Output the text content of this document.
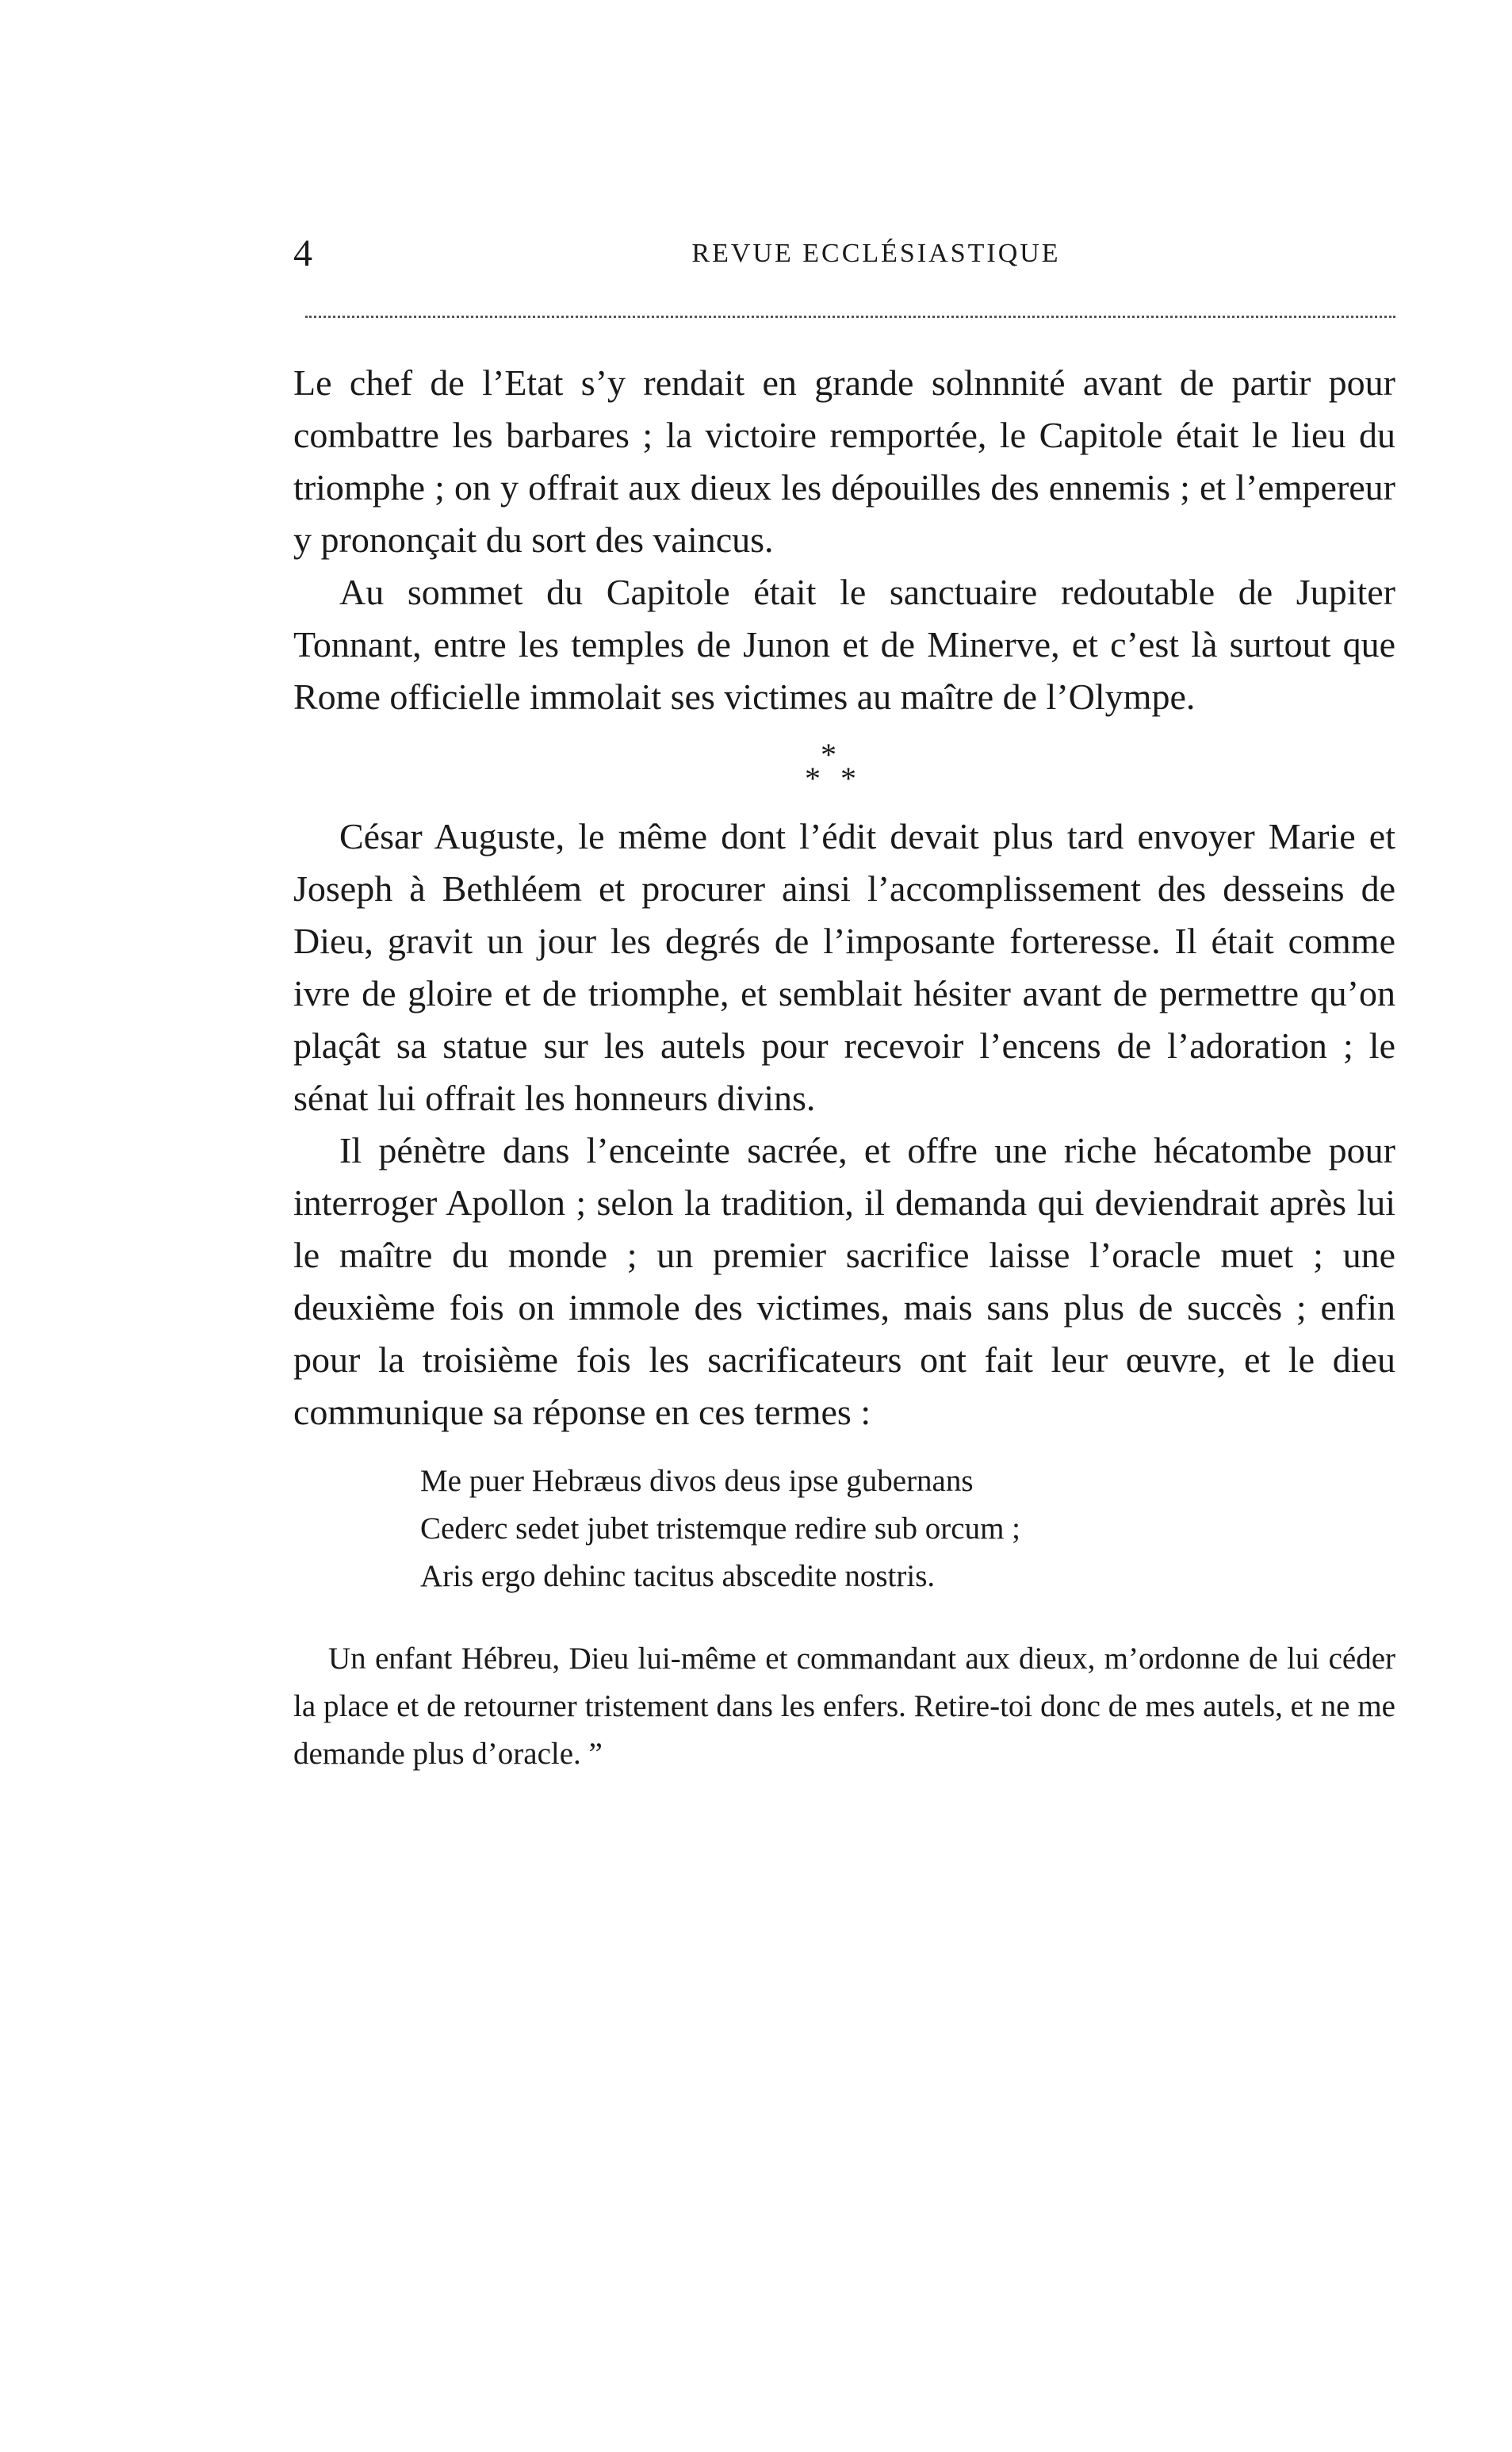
4	REVUE ECCLÉSIASTIQUE

Le chef de l’Etat s’y rendait en grande solnnnité avant de partir pour combattre les barbares ; la victoire remportée, le Capitole était le lieu du triomphe ; on y offrait aux dieux les dépouilles des ennemis ; et l’empereur y prononçait du sort des vaincus.

Au sommet du Capitole était le sanctuaire redoutable de Jupiter Tonnant, entre les temples de Junon et de Minerve, et c’est là surtout que Rome officielle immolait ses victimes au maître de l’Olympe.

*
* *

César Auguste, le même dont l’édit devait plus tard envoyer Marie et Joseph à Bethléem et procurer ainsi l’accomplissement des desseins de Dieu, gravit un jour les degrés de l’imposante forteresse. Il était comme ivre de gloire et de triomphe, et semblait hésiter avant de permettre qu’on plaçât sa statue sur les autels pour recevoir l’encens de l’adoration ; le sénat lui offrait les honneurs divins.

Il pénètre dans l’enceinte sacrée, et offre une riche hécatombe pour interroger Apollon ; selon la tradition, il demanda qui deviendrait après lui le maître du monde ; un premier sacrifice laisse l’oracle muet ; une deuxième fois on immole des victimes, mais sans plus de succès ; enfin pour la troisième fois les sacrificateurs ont fait leur œuvre, et le dieu communique sa réponse en ces termes :

Me puer Hebræus divos deus ipse gubernans
Cederc sedet jubet tristemque redire sub orcum ;
Aris ergo dehinc tacitus abscedite nostris.

Un enfant Hébreu, Dieu lui-même et commandant aux dieux, m’ordonne de lui céder la place et de retourner tristement dans les enfers. Retire-toi donc de mes autels, et ne me demande plus d’oracle. ”
